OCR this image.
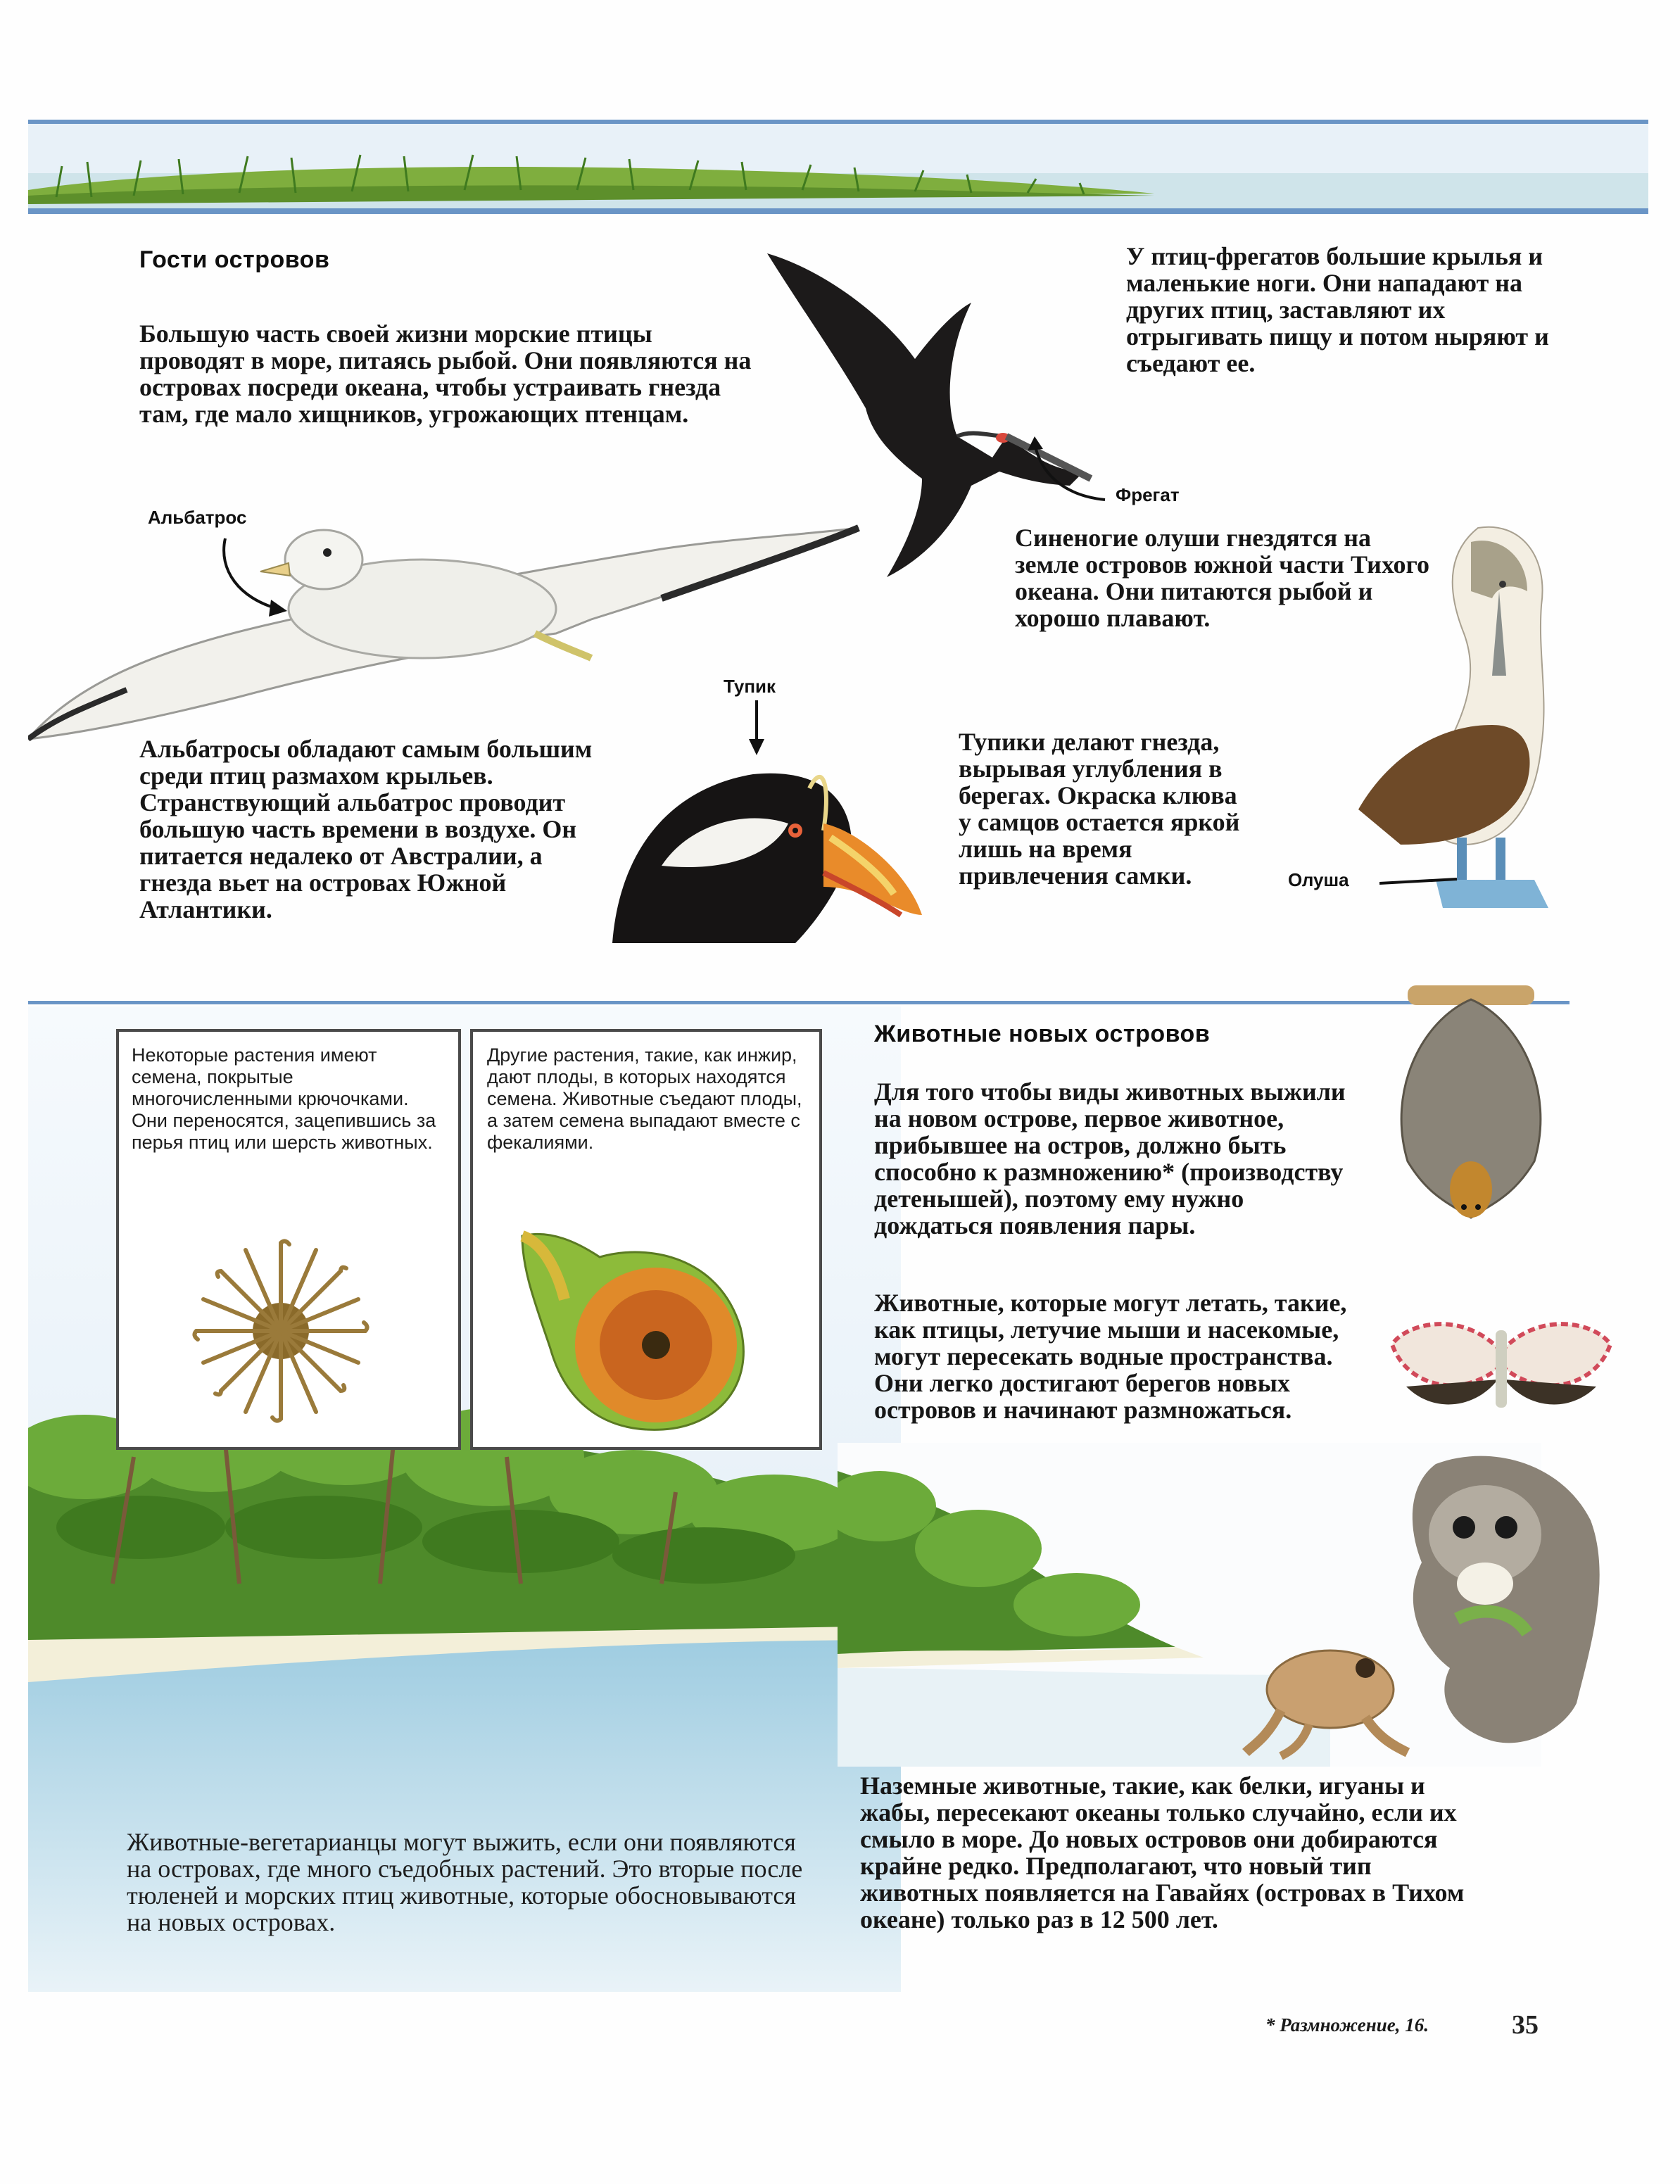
Гости островов
Большую часть своей жизни морские птицы проводят в море, питаясь рыбой. Они появляются на островах посреди океана, чтобы устраивать гнезда там, где мало хищников, угрожающих птенцам.
У птиц-фрегатов большие крылья и маленькие ноги. Они нападают на других птиц, заставляют их отрыгивать пищу и потом ныряют и съедают ее.
Фрегат
Альбатрос
Синеногие олуши гнездятся на земле островов южной части Тихого океана. Они питаются рыбой и хорошо плавают.
Олуша
Альбатросы обладают самым большим среди птиц размахом крыльев. Странствующий альбатрос проводит большую часть времени в воздухе. Он питается недалеко от Австралии, а гнезда вьет на островах Южной Атлантики.
Тупик
Тупики делают гнезда, вырывая углубления в берегах. Окраска клюва у самцов остается яркой лишь на время привлечения самки.
Некоторые растения имеют семена, покрытые многочисленными крючочками. Они переносятся, зацепившись за перья птиц или шерсть животных.
Другие растения, такие, как инжир, дают плоды, в которых находятся семена. Животные съедают плоды, а затем семена выпадают вместе с фекалиями.
Животные-вегетарианцы могут выжить, если они появляются на островах, где много съедобных растений. Это вторые после тюленей и морских птиц животные, которые обосновываются на новых островах.
Животные новых островов
Для того чтобы виды животных выжили на новом острове, первое животное, прибывшее на остров, должно быть способно к размножению* (производству детенышей), поэтому ему нужно дождаться появления пары.
Животные, которые могут летать, такие, как птицы, летучие мыши и насекомые, могут пересекать водные пространства. Они легко достигают берегов новых островов и начинают размножаться.
Наземные животные, такие, как белки, игуаны и жабы, пересекают океаны только случайно, если их смыло в море. До новых островов они добираются крайне редко. Предполагают, что новый тип животных появляется на Гавайях (островах в Тихом океане) только раз в 12 500 лет.
* Размножение, 16.	35
